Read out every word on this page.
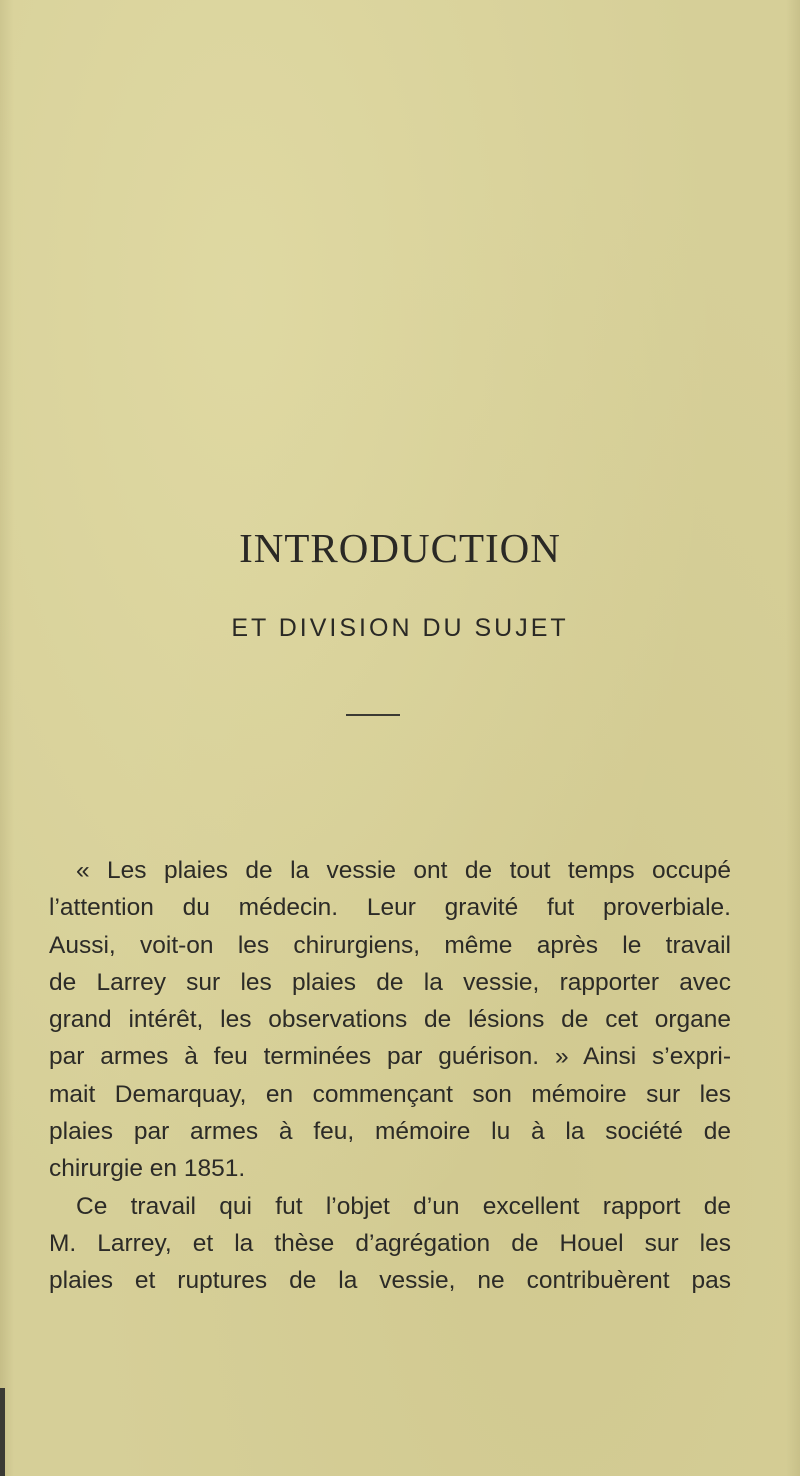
INTRODUCTION
ET DIVISION DU SUJET
« Les plaies de la vessie ont de tout temps occupé
l’attention du médecin. Leur gravité fut proverbiale.
Aussi, voit-on les chirurgiens, même après le travail
de Larrey sur les plaies de la vessie, rapporter avec
grand intérêt, les observations de lésions de cet organe
par armes à feu terminées par guérison. » Ainsi s’expri-
mait Demarquay, en commençant son mémoire sur les
plaies par armes à feu, mémoire lu à la société de
chirurgie en 1851.
Ce travail qui fut l’objet d’un excellent rapport de
M. Larrey, et la thèse d’agrégation de Houel sur les
plaies et ruptures de la vessie, ne contribuèrent pas
